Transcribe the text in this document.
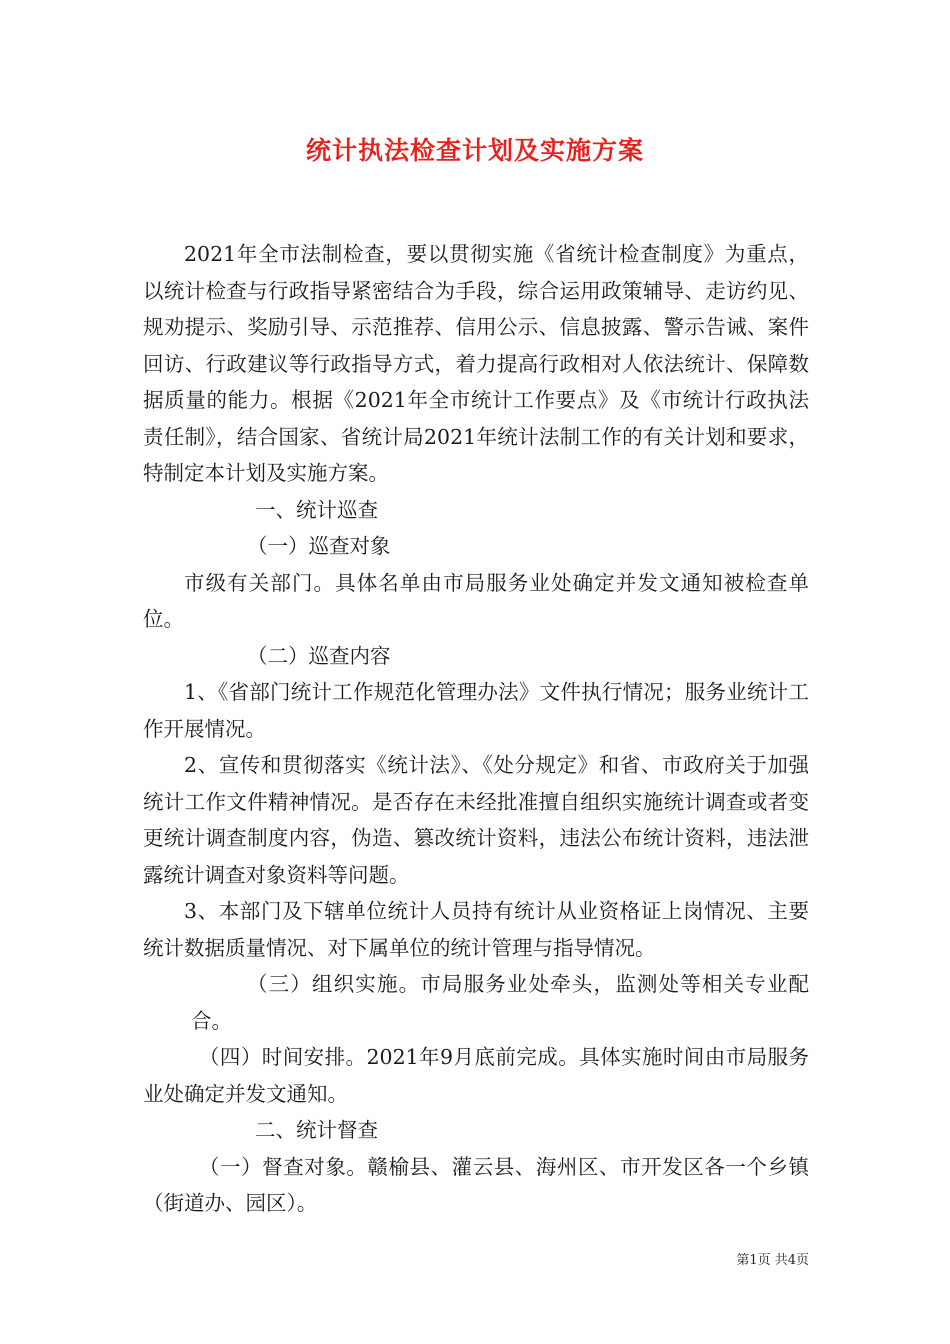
统计执法检查计划及实施方案

2021年全市法制检查，要以贯彻实施《省统计检查制度》为重点，以统计检查与行政指导紧密结合为手段，综合运用政策辅导、走访约见、规劝提示、奖励引导、示范推荐、信用公示、信息披露、警示告诫、案件回访、行政建议等行政指导方式，着力提高行政相对人依法统计、保障数据质量的能力。根据《2021年全市统计工作要点》及《市统计行政执法责任制》，结合国家、省统计局2021年统计法制工作的有关计划和要求，特制定本计划及实施方案。

一、统计巡查

（一）巡查对象

市级有关部门。具体名单由市局服务业处确定并发文通知被检查单位。

（二）巡查内容

1、《省部门统计工作规范化管理办法》文件执行情况；服务业统计工作开展情况。

2、宣传和贯彻落实《统计法》、《处分规定》和省、市政府关于加强统计工作文件精神情况。是否存在未经批准擅自组织实施统计调查或者变更统计调查制度内容，伪造、篡改统计资料，违法公布统计资料，违法泄露统计调查对象资料等问题。

3、本部门及下辖单位统计人员持有统计从业资格证上岗情况、主要统计数据质量情况、对下属单位的统计管理与指导情况。

（三）组织实施。市局服务业处牵头，监测处等相关专业配合。

（四）时间安排。2021年9月底前完成。具体实施时间由市局服务业处确定并发文通知。

二、统计督查

（一）督查对象。赣榆县、灌云县、海州区、市开发区各一个乡镇（街道办、园区）。

第1页 共4页
